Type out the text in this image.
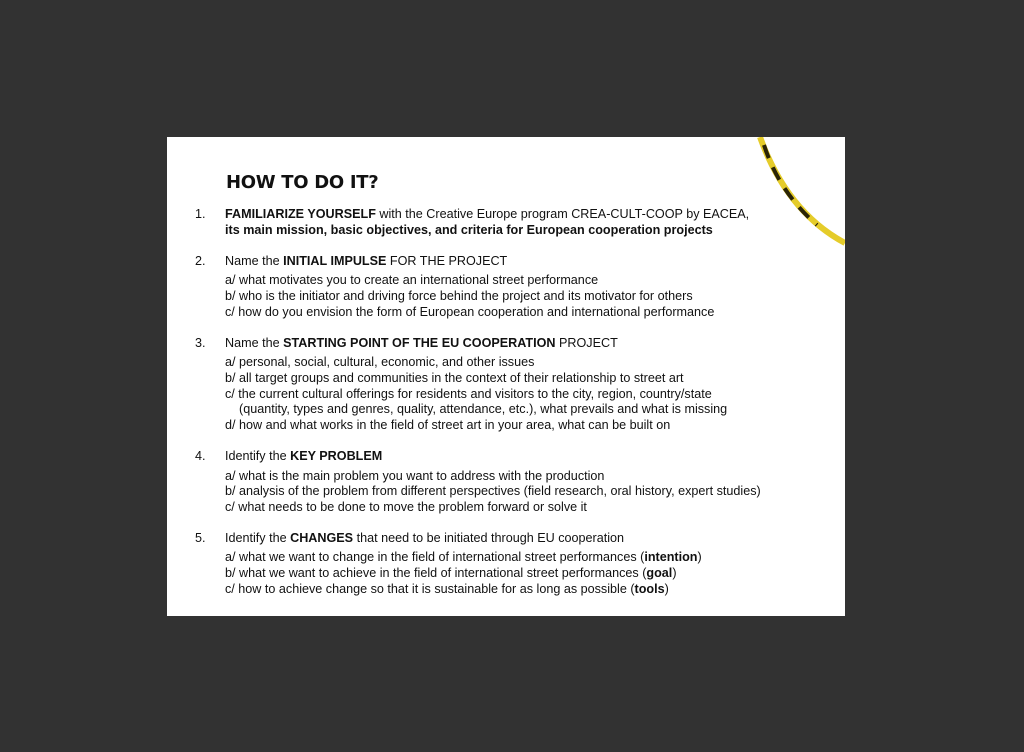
HOW TO DO IT?
1. FAMILIARIZE YOURSELF with the Creative Europe program CREA-CULT-COOP by EACEA,
its main mission, basic objectives, and criteria for European cooperation projects
2. Name the INITIAL IMPULSE FOR THE PROJECT
a/ what motivates you to create an international street performance
b/ who is the initiator and driving force behind the project and its motivator for others
c/ how do you envision the form of European cooperation and international performance
3. Name the STARTING POINT OF THE EU COOPERATION PROJECT
a/ personal, social, cultural, economic, and other issues
b/ all target groups and communities in the context of their relationship to street art
c/ the current cultural offerings for residents and visitors to the city, region, country/state
(quantity, types and genres, quality, attendance, etc.), what prevails and what is missing
d/ how and what works in the field of street art in your area, what can be built on
4. Identify the KEY PROBLEM
a/ what is the main problem you want to address with the production
b/ analysis of the problem from different perspectives (field research, oral history, expert studies)
c/ what needs to be done to move the problem forward or solve it
5. Identify the CHANGES that need to be initiated through EU cooperation
a/ what we want to change in the field of international street performances (intention)
b/ what we want to achieve in the field of international street performances (goal)
c/ how to achieve change so that it is sustainable for as long as possible (tools)
